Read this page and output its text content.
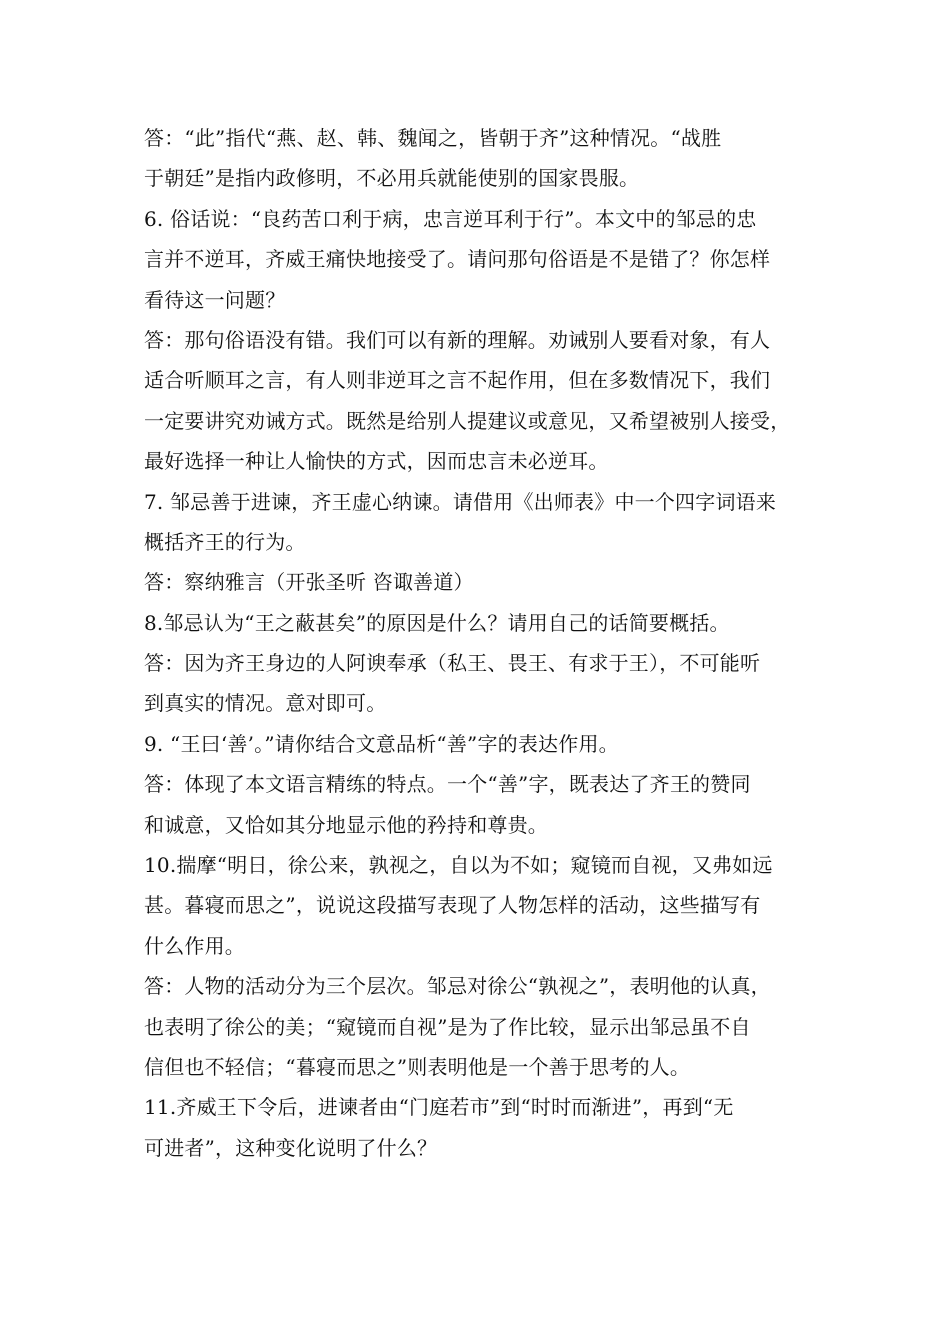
答：“此”指代“燕、赵、韩、魏闻之，皆朝于齐”这种情况。“战胜
于朝廷”是指内政修明，不必用兵就能使别的国家畏服。
6. 俗话说：“良药苦口利于病，忠言逆耳利于行”。本文中的邹忌的忠
言并不逆耳，齐威王痛快地接受了。请问那句俗语是不是错了？你怎样
看待这一问题？
答：那句俗语没有错。我们可以有新的理解。劝诫别人要看对象，有人
适合听顺耳之言，有人则非逆耳之言不起作用，但在多数情况下，我们
一定要讲究劝诫方式。既然是给别人提建议或意见，又希望被别人接受，
最好选择一种让人愉快的方式，因而忠言未必逆耳。
7. 邹忌善于进谏，齐王虚心纳谏。请借用《出师表》中一个四字词语来
概括齐王的行为。
答：察纳雅言（开张圣听 咨诹善道）
8.邹忌认为“王之蔽甚矣”的原因是什么？请用自己的话简要概括。
答：因为齐王身边的人阿谀奉承（私王、畏王、有求于王），不可能听
到真实的情况。意对即可。
9. “王曰‘善’。”请你结合文意品析“善”字的表达作用。
答：体现了本文语言精练的特点。一个“善”字，既表达了齐王的赞同
和诚意，又恰如其分地显示他的矜持和尊贵。
10.揣摩“明日，徐公来，孰视之，自以为不如；窥镜而自视，又弗如远
甚。暮寝而思之”，说说这段描写表现了人物怎样的活动，这些描写有
什么作用。
答：人物的活动分为三个层次。邹忌对徐公“孰视之”，表明他的认真，
也表明了徐公的美；“窥镜而自视”是为了作比较，显示出邹忌虽不自
信但也不轻信；“暮寝而思之”则表明他是一个善于思考的人。
11.齐威王下令后，进谏者由“门庭若市”到“时时而渐进”，再到“无
可进者”，这种变化说明了什么？
